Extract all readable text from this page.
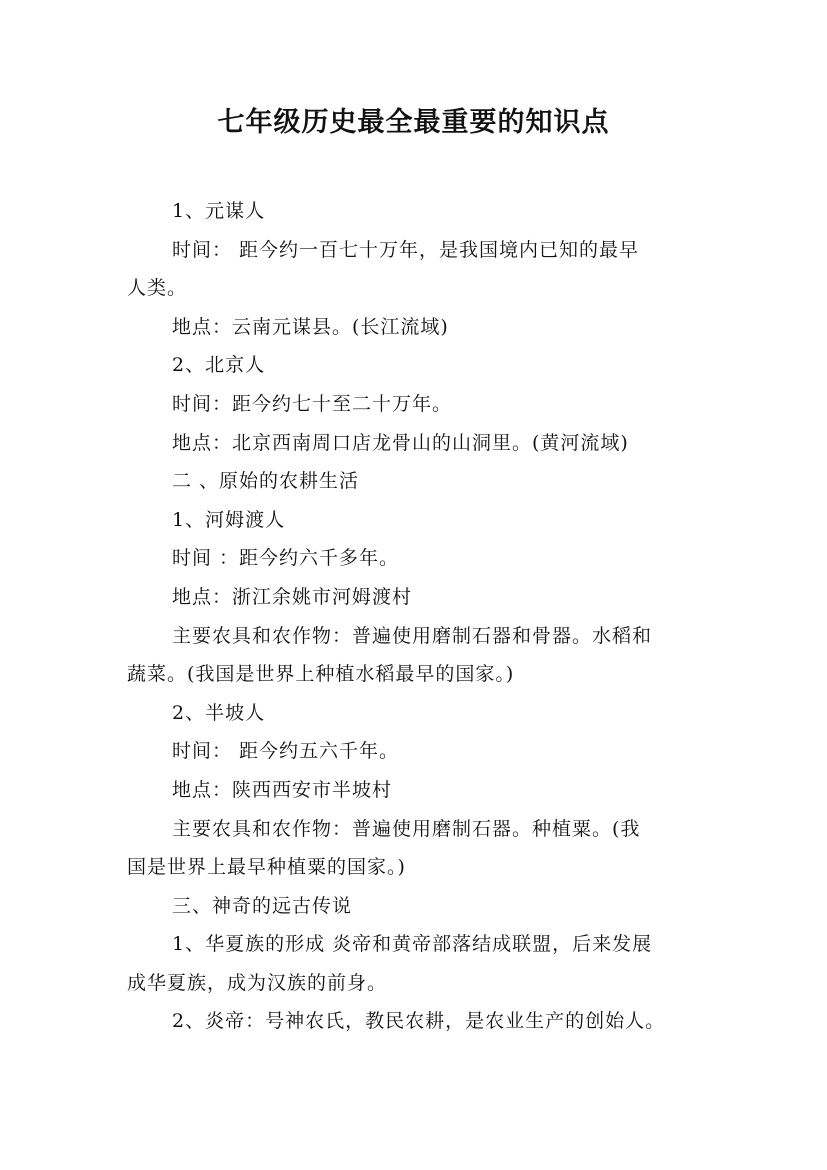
七年级历史最全最重要的知识点
1、元谋人
时间： 距今约一百七十万年，是我国境内已知的最早
人类。
地点：云南元谋县。(长江流域)
2、北京人
时间：距今约七十至二十万年。
地点：北京西南周口店龙骨山的山洞里。(黄河流域)
二 、原始的农耕生活
1、河姆渡人
时间 ：距今约六千多年。
地点：浙江余姚市河姆渡村
主要农具和农作物：普遍使用磨制石器和骨器。水稻和
蔬菜。(我国是世界上种植水稻最早的国家。)
2、半坡人
时间： 距今约五六千年。
地点：陕西西安市半坡村
主要农具和农作物：普遍使用磨制石器。种植粟。(我
国是世界上最早种植粟的国家。)
三、神奇的远古传说
1、华夏族的形成 炎帝和黄帝部落结成联盟，后来发展
成华夏族，成为汉族的前身。
2、炎帝：号神农氏，教民农耕，是农业生产的创始人。
